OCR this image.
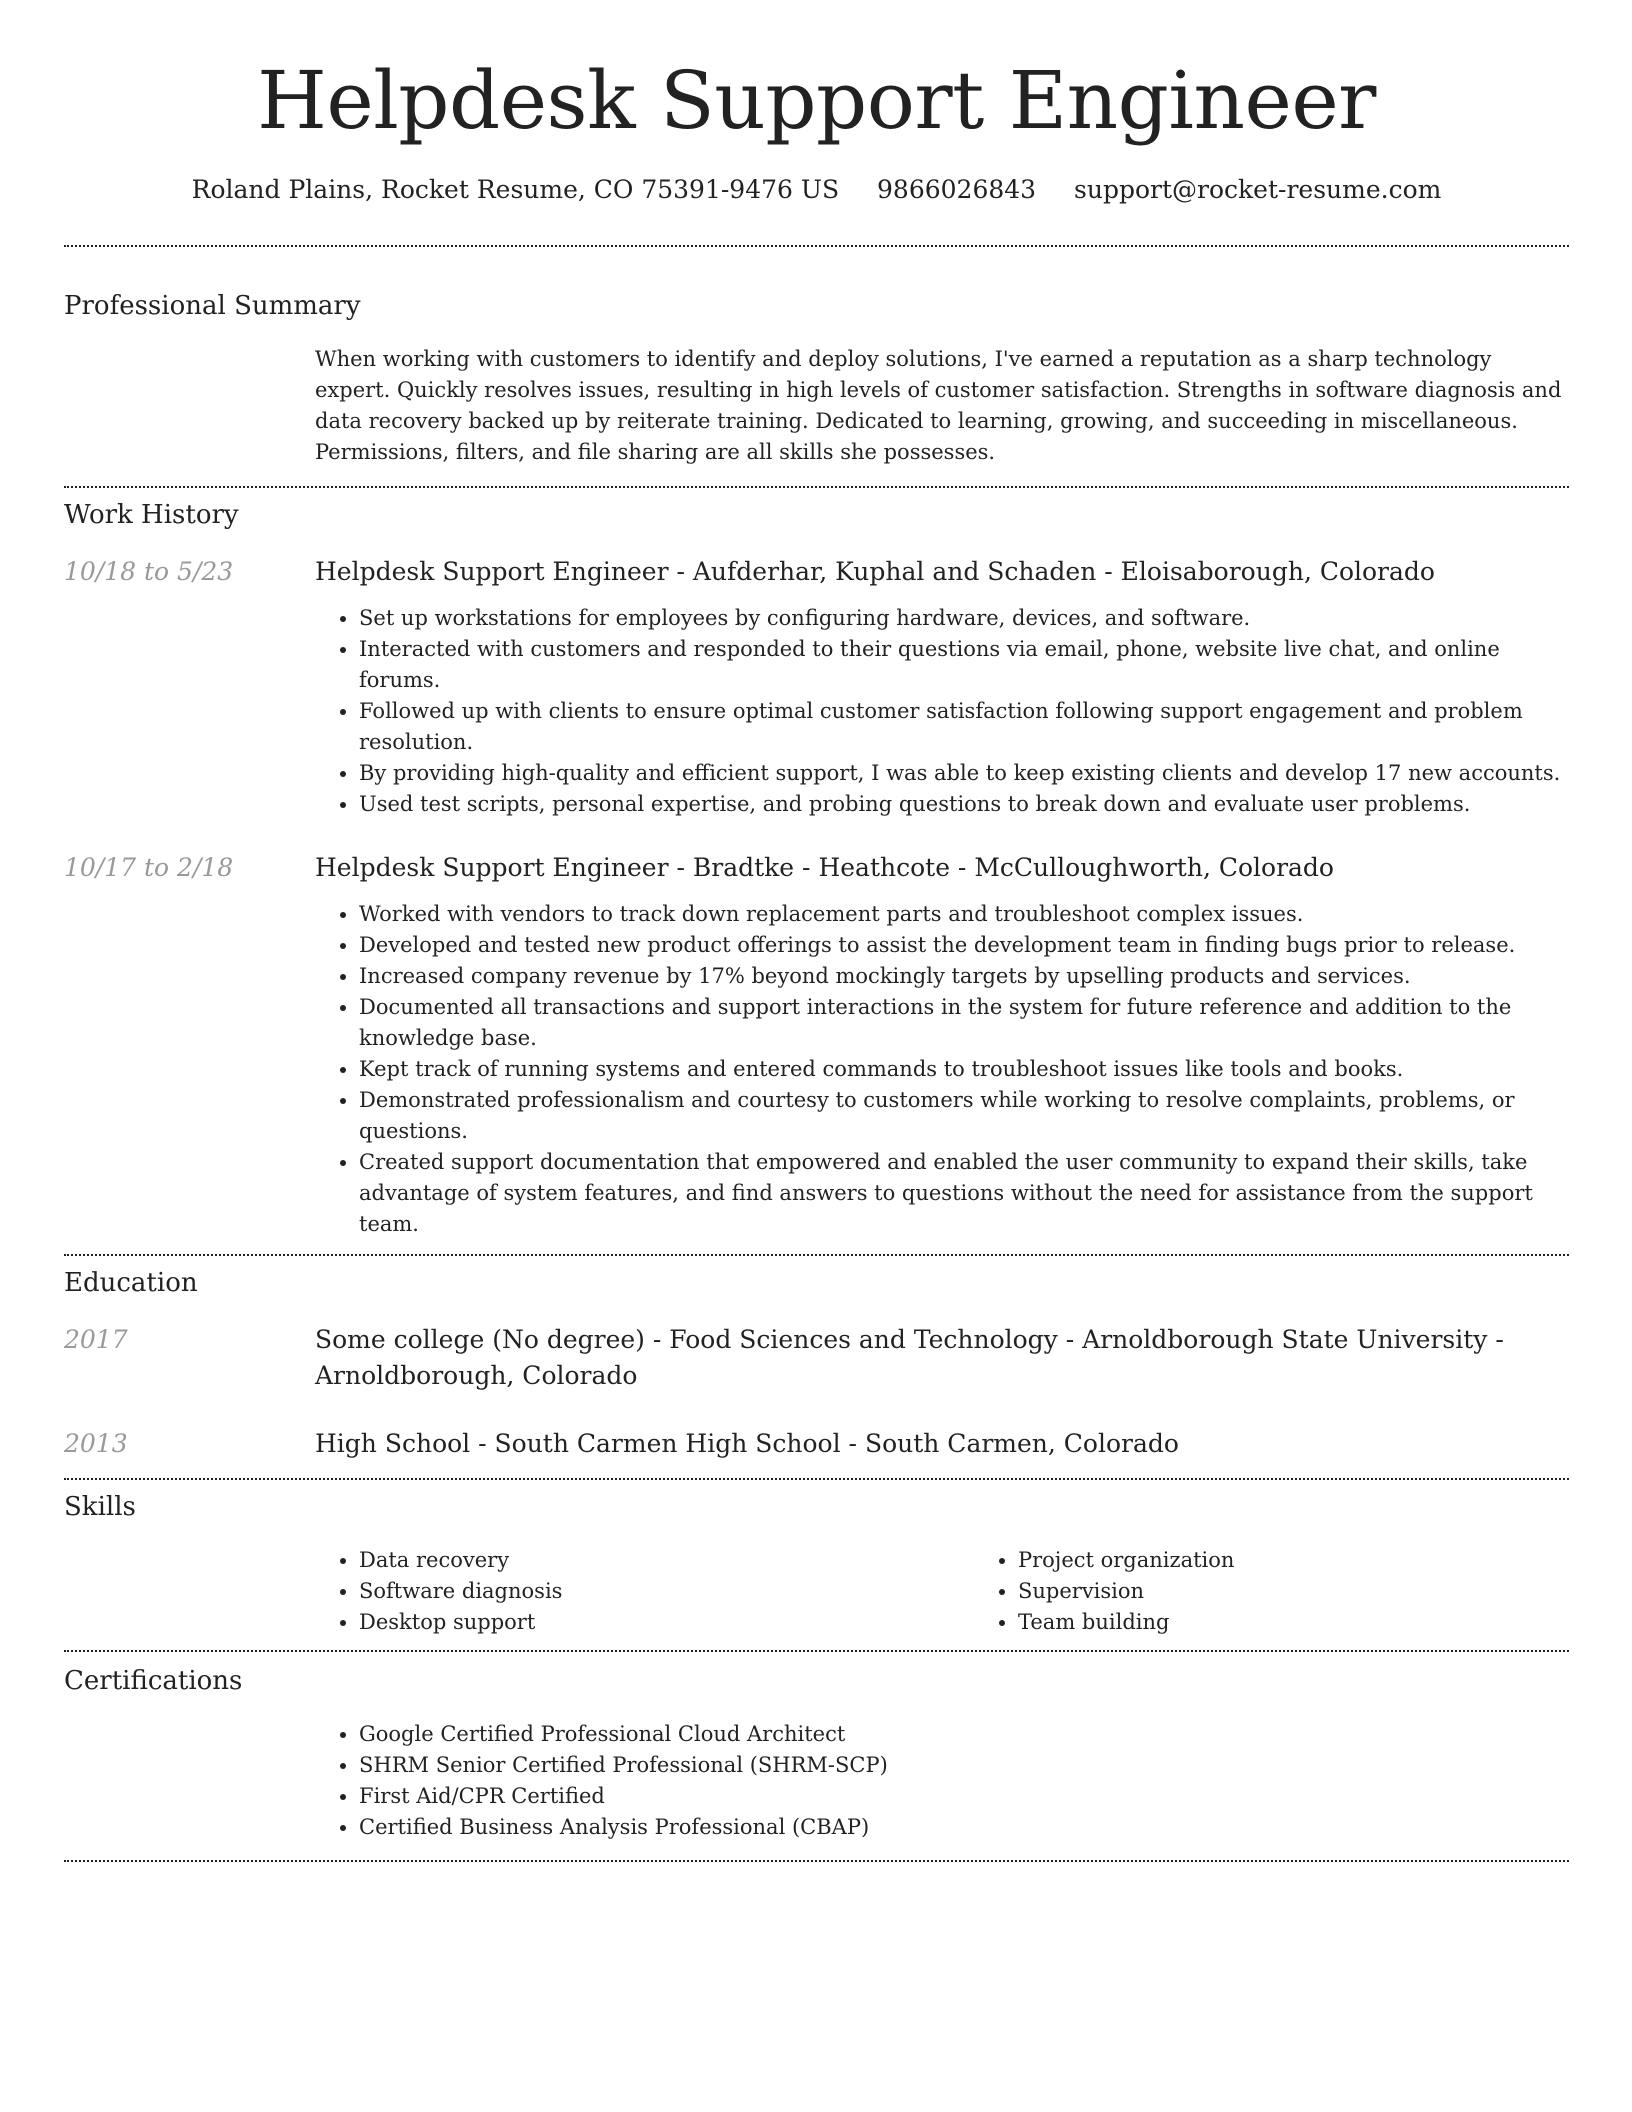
Helpdesk Support Engineer
Roland Plains, Rocket Resume, CO 75391-9476 US 9866026843 support@rocket-resume.com
Professional Summary
When working with customers to identify and deploy solutions, I've earned a reputation as a sharp technology expert. Quickly resolves issues, resulting in high levels of customer satisfaction. Strengths in software diagnosis and data recovery backed up by reiterate training. Dedicated to learning, growing, and succeeding in miscellaneous. Permissions, filters, and file sharing are all skills she possesses.
Work History
10/18 to 5/23	Helpdesk Support Engineer - Aufderhar, Kuphal and Schaden - Eloisaborough, Colorado
• Set up workstations for employees by configuring hardware, devices, and software.
• Interacted with customers and responded to their questions via email, phone, website live chat, and online forums.
• Followed up with clients to ensure optimal customer satisfaction following support engagement and problem resolution.
• By providing high-quality and efficient support, I was able to keep existing clients and develop 17 new accounts.
• Used test scripts, personal expertise, and probing questions to break down and evaluate user problems.
10/17 to 2/18	Helpdesk Support Engineer - Bradtke - Heathcote - McCulloughworth, Colorado
• Worked with vendors to track down replacement parts and troubleshoot complex issues.
• Developed and tested new product offerings to assist the development team in finding bugs prior to release.
• Increased company revenue by 17% beyond mockingly targets by upselling products and services.
• Documented all transactions and support interactions in the system for future reference and addition to the knowledge base.
• Kept track of running systems and entered commands to troubleshoot issues like tools and books.
• Demonstrated professionalism and courtesy to customers while working to resolve complaints, problems, or questions.
• Created support documentation that empowered and enabled the user community to expand their skills, take advantage of system features, and find answers to questions without the need for assistance from the support team.
Education
2017	Some college (No degree) - Food Sciences and Technology - Arnoldborough State University - Arnoldborough, Colorado
2013	High School - South Carmen High School - South Carmen, Colorado
Skills
• Data recovery
• Software diagnosis
• Desktop support
• Project organization
• Supervision
• Team building
Certifications
• Google Certified Professional Cloud Architect
• SHRM Senior Certified Professional (SHRM-SCP)
• First Aid/CPR Certified
• Certified Business Analysis Professional (CBAP)
